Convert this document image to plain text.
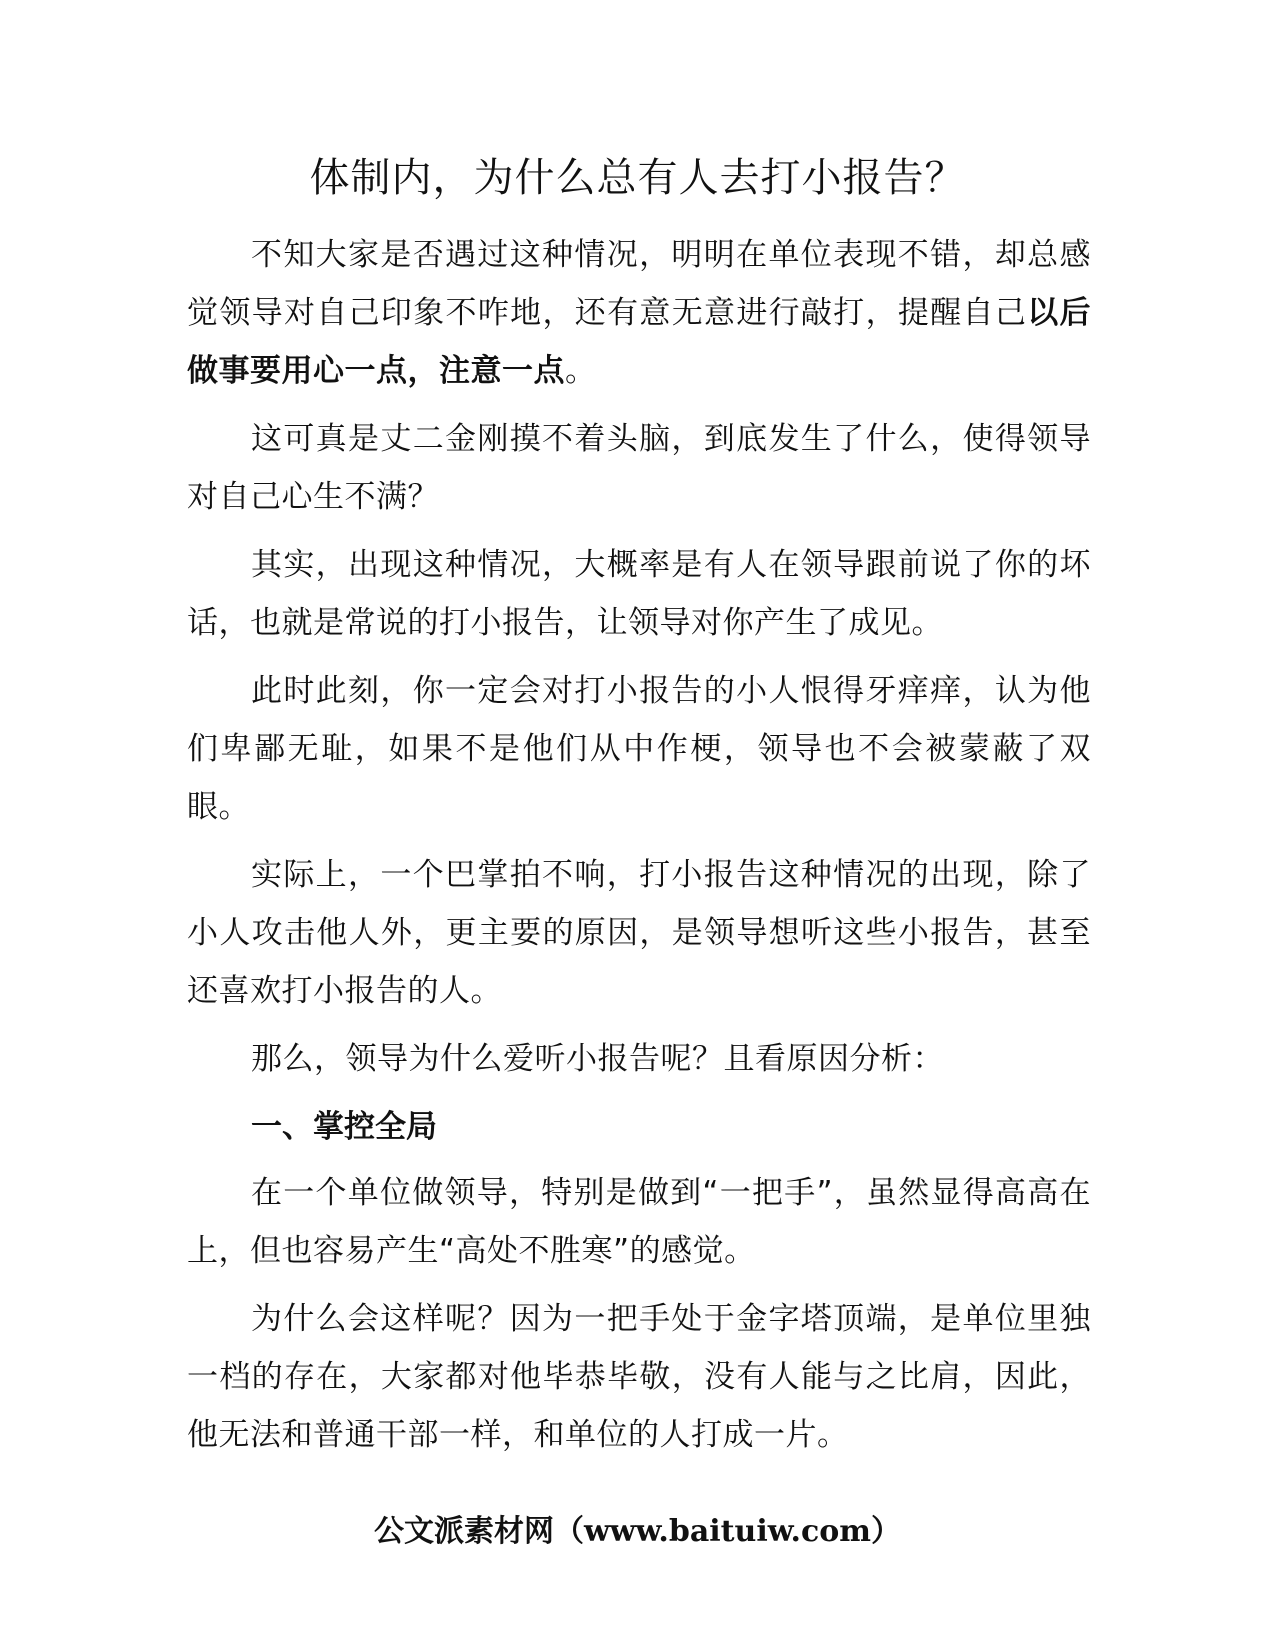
体制内，为什么总有人去打小报告？

不知大家是否遇过这种情况，明明在单位表现不错，却总感觉领导对自己印象不咋地，还有意无意进行敲打，提醒自己以后做事要用心一点，注意一点。

这可真是丈二金刚摸不着头脑，到底发生了什么，使得领导对自己心生不满？

其实，出现这种情况，大概率是有人在领导跟前说了你的坏话，也就是常说的打小报告，让领导对你产生了成见。

此时此刻，你一定会对打小报告的小人恨得牙痒痒，认为他们卑鄙无耻，如果不是他们从中作梗，领导也不会被蒙蔽了双眼。

实际上，一个巴掌拍不响，打小报告这种情况的出现，除了小人攻击他人外，更主要的原因，是领导想听这些小报告，甚至还喜欢打小报告的人。

那么，领导为什么爱听小报告呢？且看原因分析：

一、掌控全局

在一个单位做领导，特别是做到“一把手”，虽然显得高高在上，但也容易产生“高处不胜寒”的感觉。

为什么会这样呢？因为一把手处于金字塔顶端，是单位里独一档的存在，大家都对他毕恭毕敬，没有人能与之比肩，因此，他无法和普通干部一样，和单位的人打成一片。

公文派素材网（www.baituiw.com）
